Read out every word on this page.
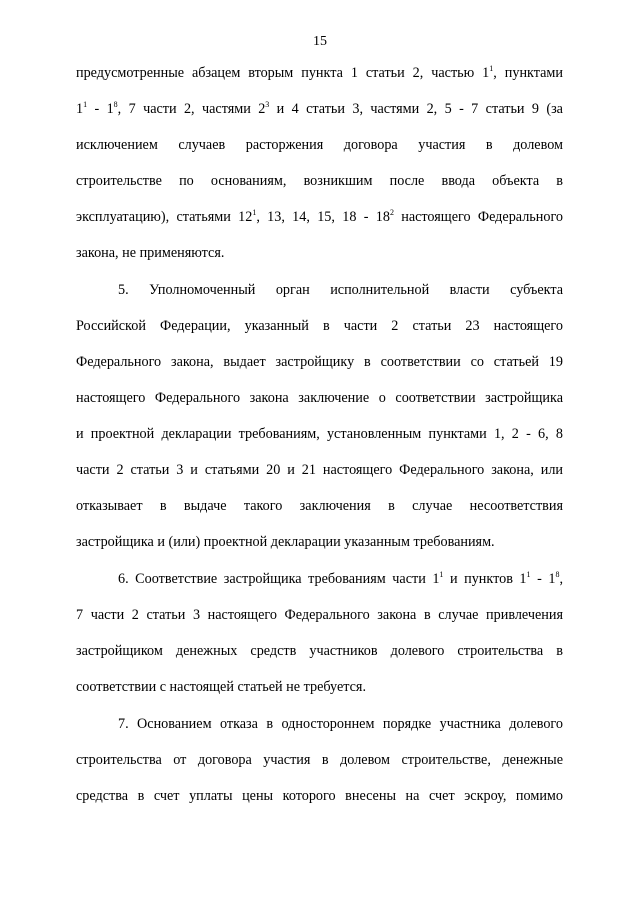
15
предусмотренные абзацем вторым пункта 1 статьи 2, частью $1^1$, пунктами
$1^1 - 1^8$, 7 части 2, частями $2^3$ и 4 статьи 3, частями 2, 5 - 7 статьи 9 (за
исключением случаев расторжения договора участия в долевом
строительстве по основаниям, возникшим после ввода объекта в
эксплуатацию), статьями $12^1$, 13, 14, 15, $18 - 18^2$ настоящего Федерального
закона, не применяются.
5. Уполномоченный орган исполнительной власти субъекта
Российской Федерации, указанный в части 2 статьи 23 настоящего
Федерального закона, выдает застройщику в соответствии со статьей 19
настоящего Федерального закона заключение о соответствии застройщика
и проектной декларации требованиям, установленным пунктами 1, 2 - 6, 8
части 2 статьи 3 и статьями 20 и 21 настоящего Федерального закона, или
отказывает в выдаче такого заключения в случае несоответствия
застройщика и (или) проектной декларации указанным требованиям.
6. Соответствие застройщика требованиям части $1^1$ и пунктов $1^1 - 1^8$,
7 части 2 статьи 3 настоящего Федерального закона в случае привлечения
застройщиком денежных средств участников долевого строительства в
соответствии с настоящей статьей не требуется.
7. Основанием отказа в одностороннем порядке участника долевого
строительства от договора участия в долевом строительстве, денежные
средства в счет уплаты цены которого внесены на счет эскроу, помимо
